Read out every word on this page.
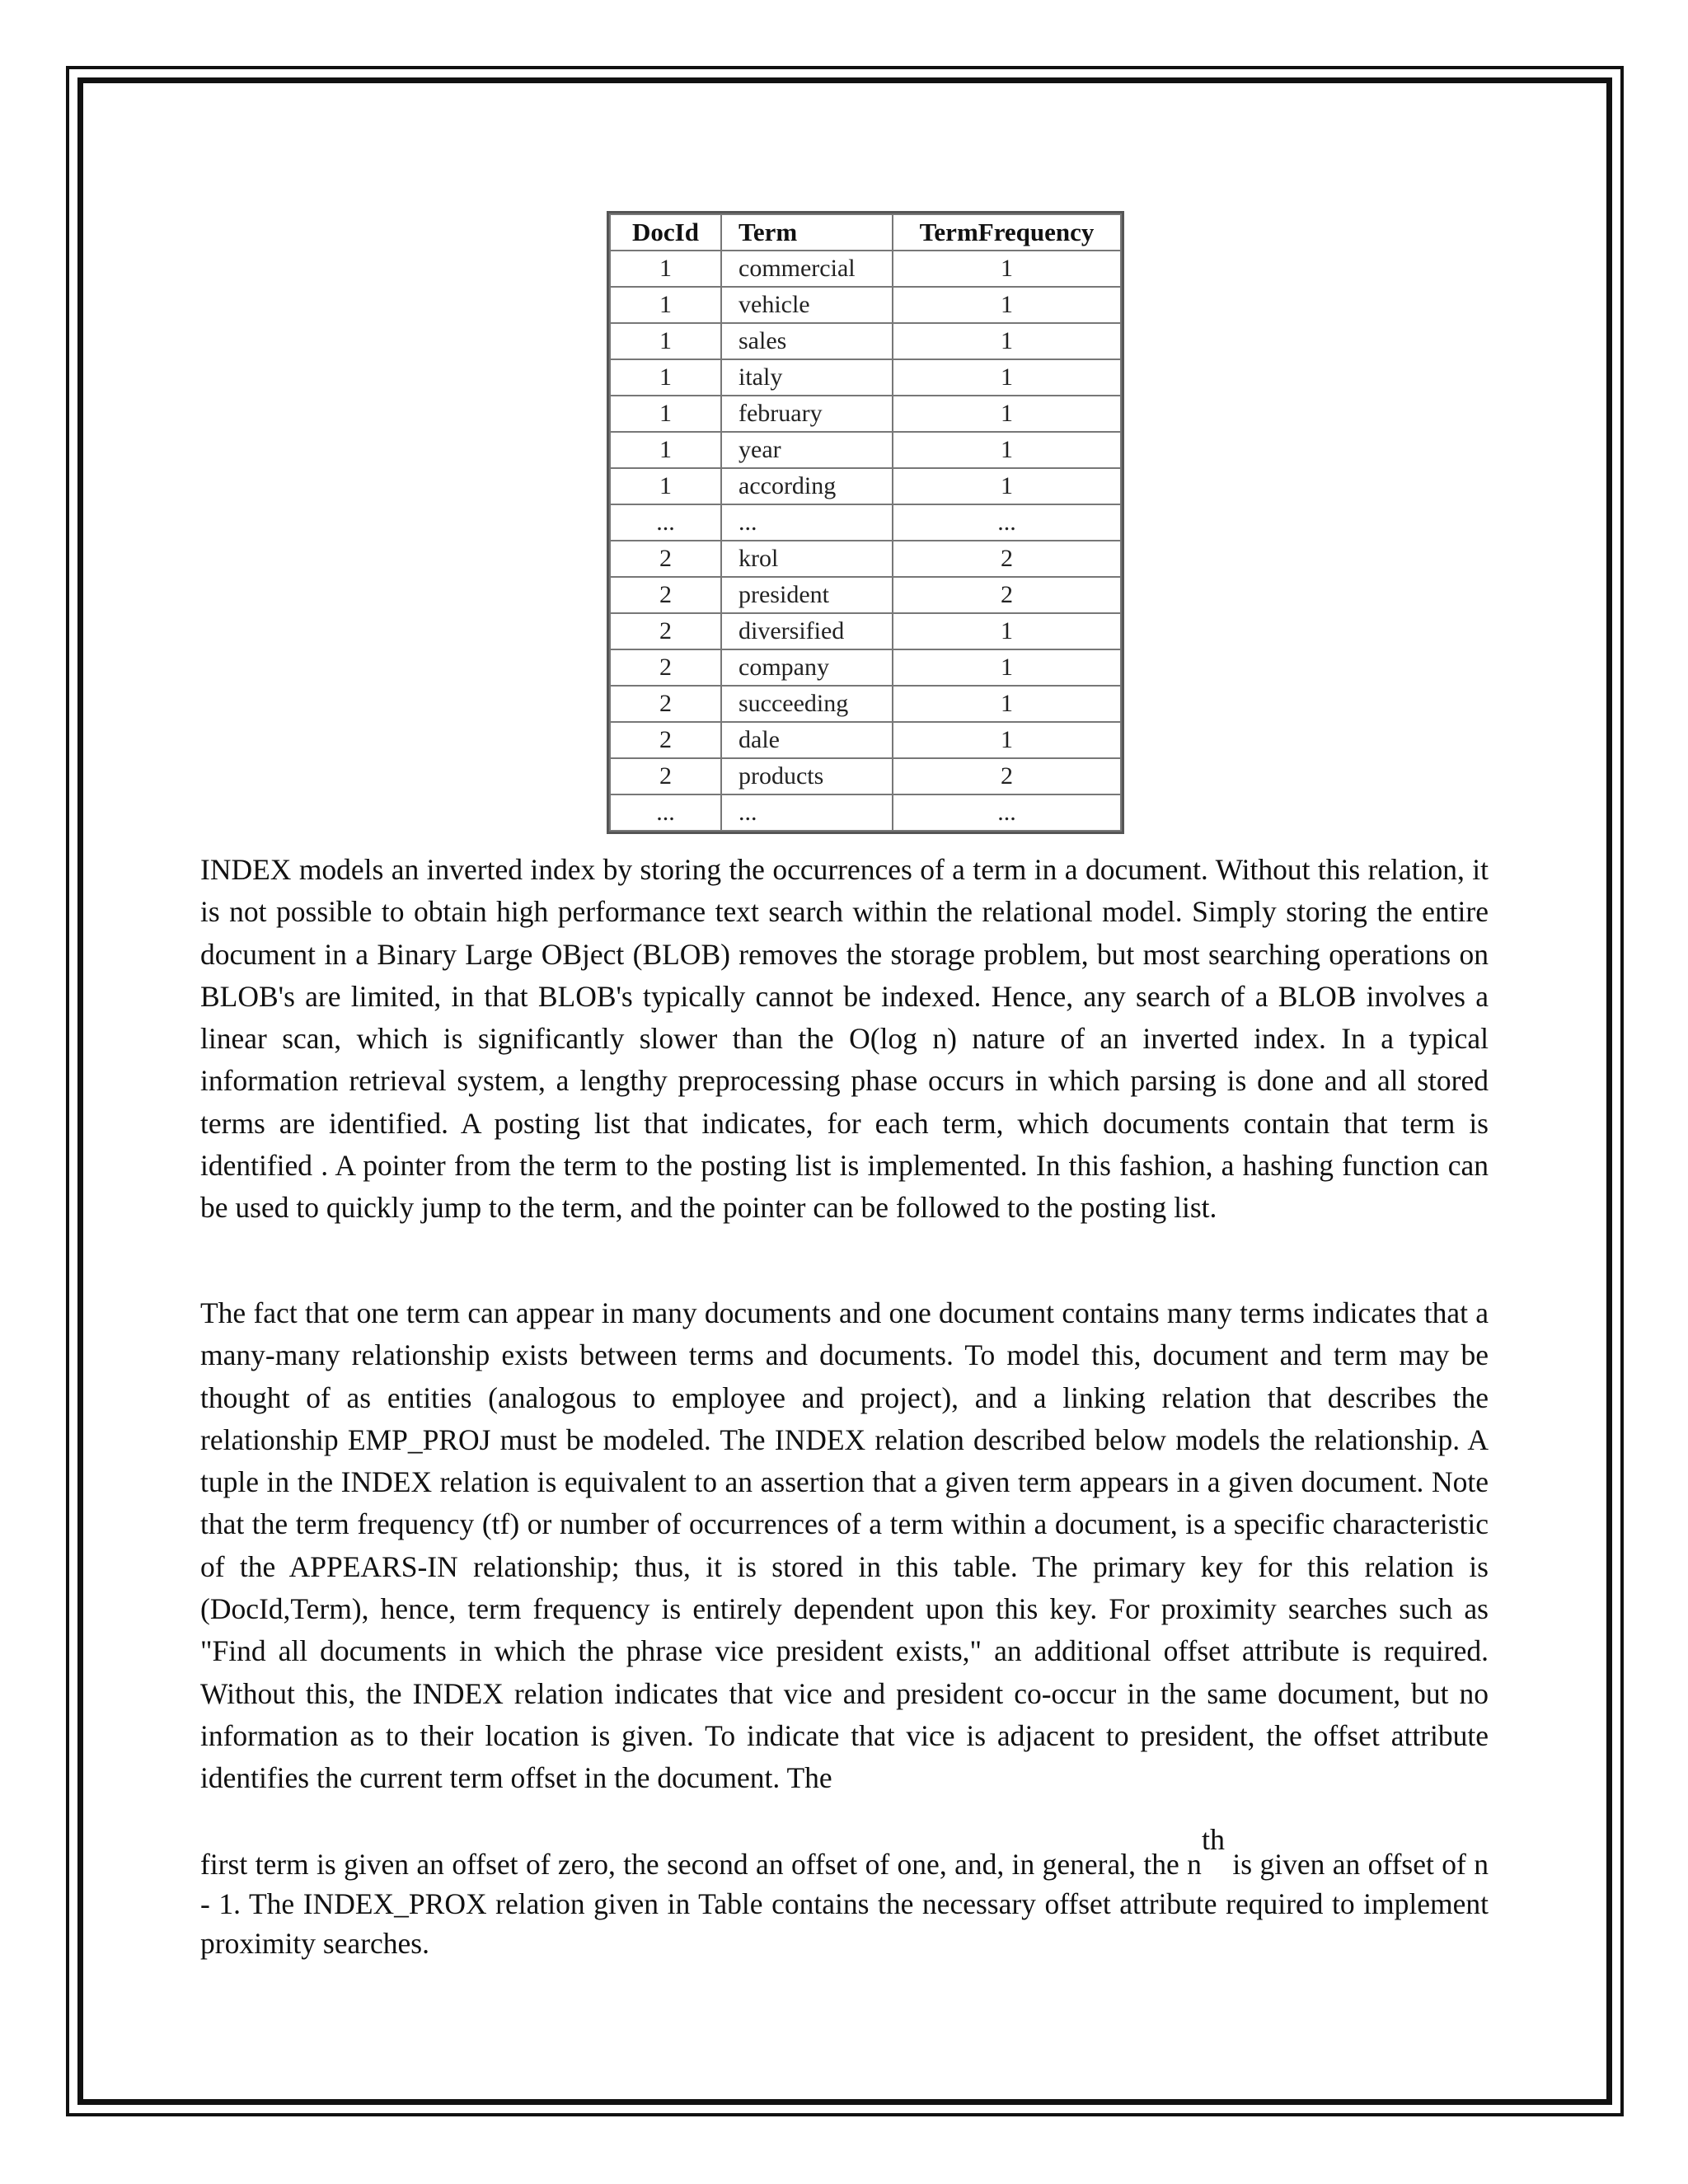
DocId	Term	TermFrequency
1	commercial	1
1	vehicle	1
1	sales	1
1	italy	1
1	february	1
1	year	1
1	according	1
...	...	...
2	krol	2
2	president	2
2	diversified	1
2	company	1
2	succeeding	1
2	dale	1
2	products	2
...	...	...
INDEX models an inverted index by storing the occurrences of a term in a document. Without this relation, it is not possible to obtain high performance text search within the relational model. Simply storing the entire document in a Binary Large OBject (BLOB) removes the storage problem, but most searching operations on BLOB's are limited, in that BLOB's typically cannot be indexed. Hence, any search of a BLOB involves a linear scan, which is significantly slower than the O(log n) nature of an inverted index. In a typical information retrieval system, a lengthy preprocessing phase occurs in which parsing is done and all stored terms are identified. A posting list that indicates, for each term, which documents contain that term is identified . A pointer from the term to the posting list is implemented. In this fashion, a hashing function can be used to quickly jump to the term, and the pointer can be followed to the posting list.
The fact that one term can appear in many documents and one document contains many terms indicates that a many-many relationship exists between terms and documents. To model this, document and term may be thought of as entities (analogous to employee and project), and a linking relation that describes the relationship EMP_PROJ must be modeled. The INDEX relation described below models the relationship. A tuple in the INDEX relation is equivalent to an assertion that a given term appears in a given document. Note that the term frequency (tf) or number of occurrences of a term within a document, is a specific characteristic of the APPEARS-IN relationship; thus, it is stored in this table. The primary key for this relation is (DocId,Term), hence, term frequency is entirely dependent upon this key. For proximity searches such as "Find all documents in which the phrase vice president exists," an additional offset attribute is required. Without this, the INDEX relation indicates that vice and president co-occur in the same document, but no information as to their location is given. To indicate that vice is adjacent to president, the offset attribute identifies the current term offset in the document. The
first term is given an offset of zero, the second an offset of one, and, in general, the nth is given an offset of n - 1. The INDEX_PROX relation given in Table contains the necessary offset attribute required to implement proximity searches.
